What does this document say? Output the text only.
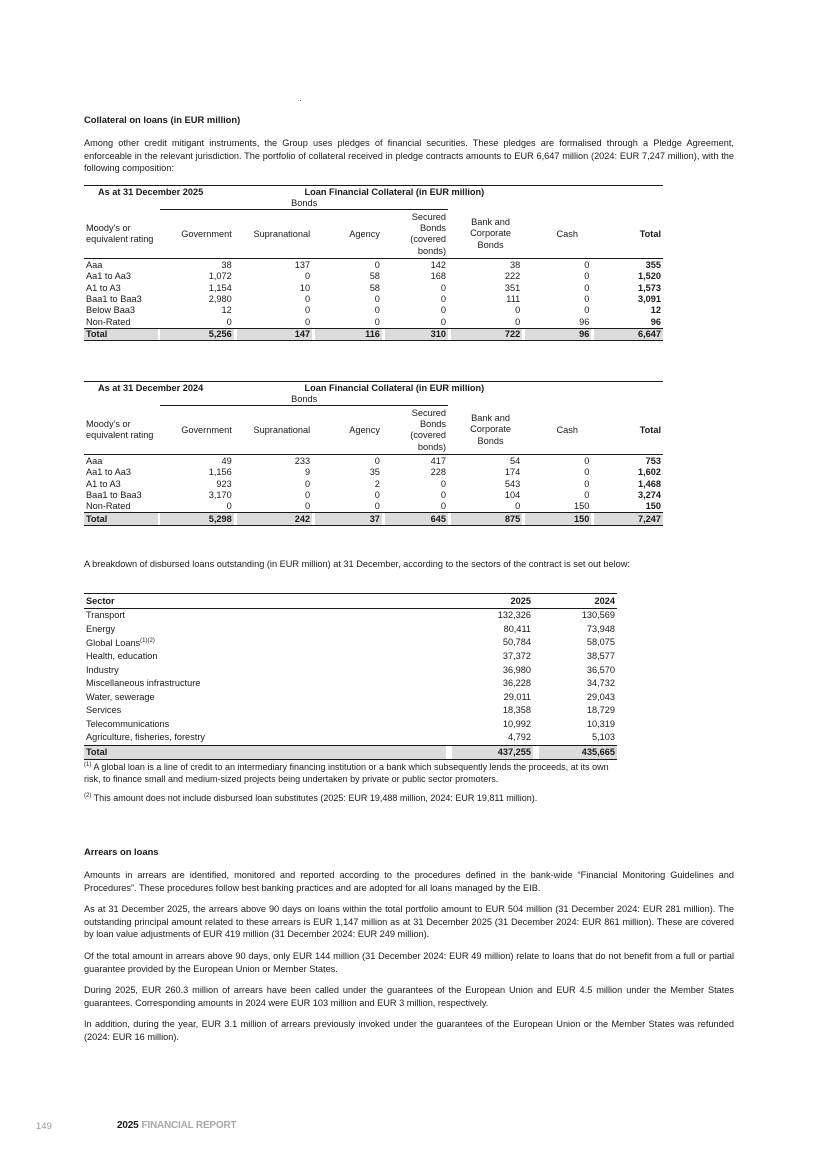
Collateral on loans (in EUR million)
Among other credit mitigant instruments, the Group uses pledges of financial securities. These pledges are formalised through a Pledge Agreement, enforceable in the relevant jurisdiction. The portfolio of collateral received in pledge contracts amounts to EUR 6,647 million (2024: EUR 7,247 million), with the following composition:
As at 31 December 2025			Loan Financial Collateral (in EUR million)											
		Bonds												
Moody's or equivalent rating		Government		Supranational		Agency		Secured Bonds (covered bonds)		Bank and Corporate Bonds		Cash		Total
Aaa		38		137		0		142		38		0		355
Aa1 to Aa3		1,072		0		58		168		222		0		1,520
A1 to A3		1,154		10		58		0		351		0		1,573
Baa1 to Baa3		2,980		0		0		0		111		0		3,091
Below Baa3		12		0		0		0		0		0		12
Non-Rated		0		0		0		0		0		96		96
Total		5,256		147		116		310		722		96		6,647
As at 31 December 2024			Loan Financial Collateral (in EUR million)											
		Bonds												
Moody's or equivalent rating		Government		Supranational		Agency		Secured Bonds (covered bonds)		Bank and Corporate Bonds		Cash		Total
Aaa		49		233		0		417		54		0		753
Aa1 to Aa3		1,156		9		35		228		174		0		1,602
A1 to A3		923		0		2		0		543		0		1,468
Baa1 to Baa3		3,170		0		0		0		104		0		3,274
Non-Rated		0		0		0		0		0		150		150
Total		5,298		242		37		645		875		150		7,247
A breakdown of disbursed loans outstanding (in EUR million) at 31 December, according to the sectors of the contract is set out below:
Sector		2025		2024
Transport		132,326		130,569
Energy		80,411		73,948
Global Loans$^{(1)(2)}$		50,784		58,075
Health, education		37,372		38,577
Industry		36,980		36,570
Miscellaneous infrastructure		36,228		34,732
Water, sewerage		29,011		29,043
Services		18,358		18,729
Telecommunications		10,992		10,319
Agriculture, fisheries, forestry		4,792		5,103
Total		437,255		435,665
$^{(1)}$ A global loan is a line of credit to an intermediary financing institution or a bank which subsequently lends the proceeds, at its own risk, to finance small and medium-sized projects being undertaken by private or public sector promoters.
$^{(2)}$ This amount does not include disbursed loan substitutes (2025: EUR 19,488 million, 2024: EUR 19,811 million).
Arrears on loans
Amounts in arrears are identified, monitored and reported according to the procedures defined in the bank-wide “Financial Monitoring Guidelines and Procedures”. These procedures follow best banking practices and are adopted for all loans managed by the EIB.
As at 31 December 2025, the arrears above 90 days on loans within the total portfolio amount to EUR 504 million (31 December 2024: EUR 281 million). The outstanding principal amount related to these arrears is EUR 1,147 million as at 31 December 2025 (31 December 2024: EUR 861 million). These are covered by loan value adjustments of EUR 419 million (31 December 2024: EUR 249 million).
Of the total amount in arrears above 90 days, only EUR 144 million (31 December 2024: EUR 49 million) relate to loans that do not benefit from a full or partial guarantee provided by the European Union or Member States.
During 2025, EUR 260.3 million of arrears have been called under the guarantees of the European Union and EUR 4.5 million under the Member States guarantees. Corresponding amounts in 2024 were EUR 103 million and EUR 3 million, respectively.
In addition, during the year, EUR 3.1 million of arrears previously invoked under the guarantees of the European Union or the Member States was refunded (2024: EUR 16 million).
149	2025 FINANCIAL REPORT
